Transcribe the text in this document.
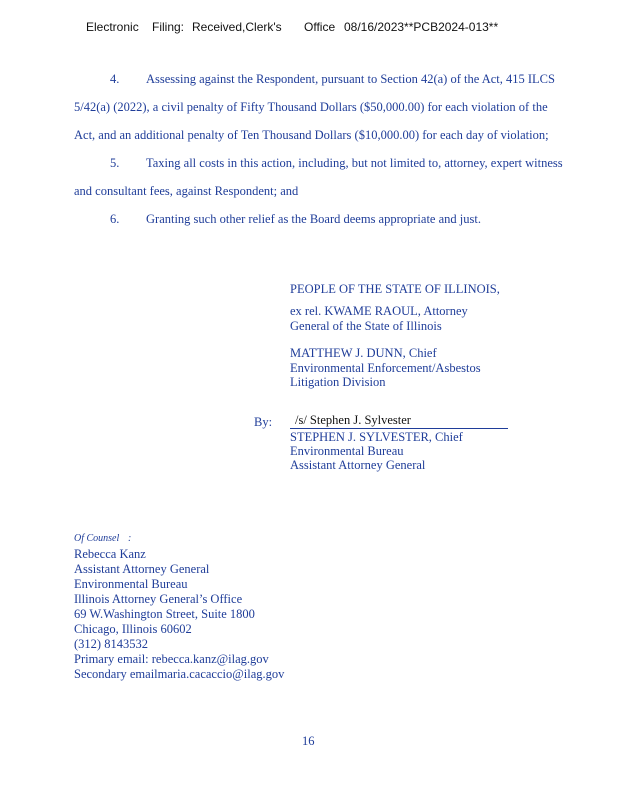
Electronic Filing: Received,Clerk's Office 08/16/2023**PCB2024-013**
4. Assessing against the Respondent, pursuant to Section 42(a) of the Act, 415 ILCS
5/42(a) (2022), a civil penalty of Fifty Thousand Dollars ($50,000.00) for each violation of the
Act, and an additional penalty of Ten Thousand Dollars ($10,000.00) for each day of violation;
5. Taxing all costs in this action, including, but not limited to, attorney, expert witness
and consultant fees, against Respondent; and
6. Granting such other relief as the Board deems appropriate and just.
PEOPLE OF THE STATE OF ILLINOIS,
ex rel. KWAME RAOUL, Attorney
General of the State of Illinois
MATTHEW J. DUNN, Chief
Environmental Enforcement/Asbestos
Litigation Division
By: /s/ Stephen J. Sylvester
STEPHEN J. SYLVESTER, Chief
Environmental Bureau
Assistant Attorney General
Of Counsel :
Rebecca Kanz
Assistant Attorney General
Environmental Bureau
Illinois Attorney General’s Office
69 W.Washington Street, Suite 1800
Chicago, Illinois 60602
(312) 8143532
Primary email: rebecca.kanz@ilag.gov
Secondary emailmaria.cacaccio@ilag.gov
16
